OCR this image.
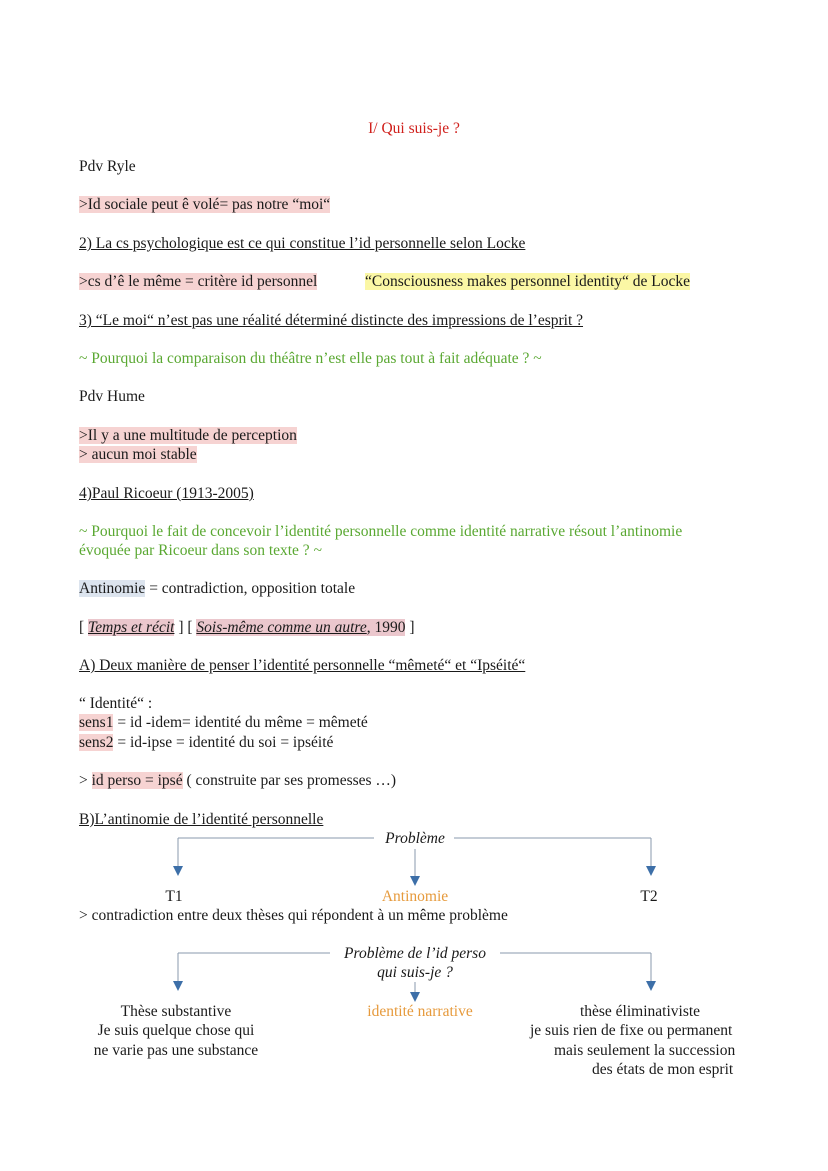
I/ Qui suis-je ?
Pdv Ryle
>Id sociale peut ê volé= pas notre “moi“
2) La cs psychologique est ce qui constitue l’id personnelle selon Locke
>cs d’ê le même = critère id personnel	“Consciousness makes personnel identity“ de Locke
3) “Le moi“ n’est pas une réalité déterminé distincte des impressions de l’esprit ?
~ Pourquoi la comparaison du théâtre n’est elle pas tout à fait adéquate ? ~
Pdv Hume
>Il y a une multitude de perception
> aucun moi stable
4)Paul Ricoeur (1913-2005)
~ Pourquoi le fait de concevoir l’identité personnelle comme identité narrative résout l’antinomie
évoquée par Ricoeur dans son texte ? ~
Antinomie = contradiction, opposition totale
[ Temps et récit ] [ Sois-même comme un autre, 1990 ]
A) Deux manière de penser l’identité personnelle “mêmeté“ et “Ipséité“
“ Identité“ :
sens1 = id -idem= identité du même = mêmeté
sens2 = id-ipse = identité du soi = ipséité
> id perso = ipsé ( construite par ses promesses …)
B)L’antinomie de l’identité personnelle
Problème
T1	Antinomie	T2
> contradiction entre deux thèses qui répondent à un même problème
Problème de l’id perso
qui suis-je ?
Thèse substantive
Je suis quelque chose qui
ne varie pas une substance
identité narrative	thèse éliminativiste
je suis rien de fixe ou permanent
mais seulement la succession
des états de mon esprit
